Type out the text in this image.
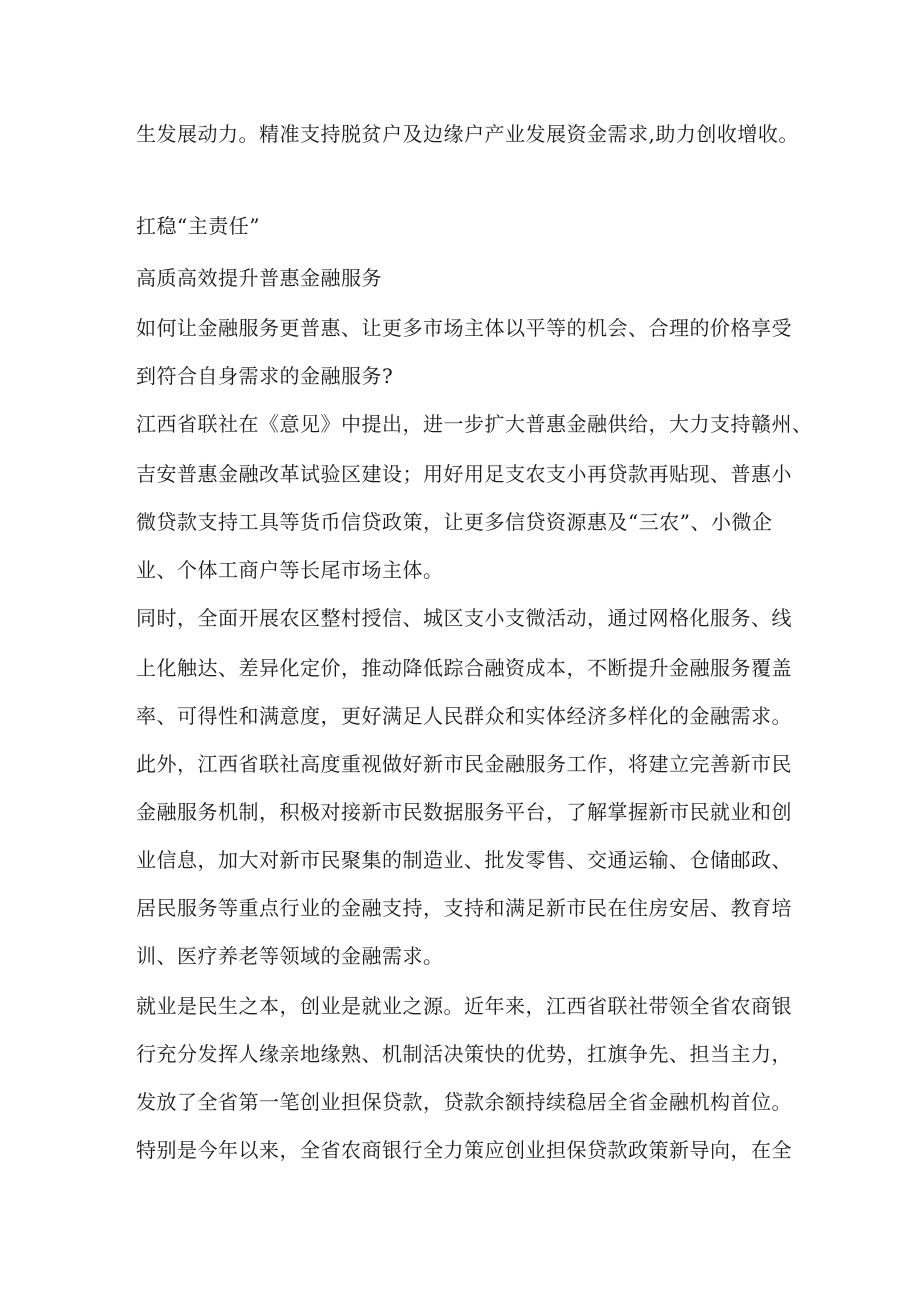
生发展动力。精准支持脱贫户及边缘户产业发展资金需求,助力创收增收。
扛稳“主责任”
高质高效提升普惠金融服务
如何让金融服务更普惠、让更多市场主体以平等的机会、合理的价格享受
到符合自身需求的金融服务?
江西省联社在《意见》中提出，进一步扩大普惠金融供给，大力支持赣州、
吉安普惠金融改革试验区建设；用好用足支农支小再贷款再贴现、普惠小
微贷款支持工具等货币信贷政策，让更多信贷资源惠及“三农”、小微企
业、个体工商户等长尾市场主体。
同时，全面开展农区整村授信、城区支小支微活动，通过网格化服务、线
上化触达、差异化定价，推动降低踪合融资成本，不断提升金融服务覆盖
率、可得性和满意度，更好满足人民群众和实体经济多样化的金融需求。
此外，江西省联社高度重视做好新市民金融服务工作，将建立完善新市民
金融服务机制，积极对接新市民数据服务平台，了解掌握新市民就业和创
业信息，加大对新市民聚集的制造业、批发零售、交通运输、仓储邮政、
居民服务等重点行业的金融支持，支持和满足新市民在住房安居、教育培
训、医疗养老等领域的金融需求。
就业是民生之本，创业是就业之源。近年来，江西省联社带领全省农商银
行充分发挥人缘亲地缘熟、机制活决策快的优势，扛旗争先、担当主力，
发放了全省第一笔创业担保贷款，贷款余额持续稳居全省金融机构首位。
特别是今年以来，全省农商银行全力策应创业担保贷款政策新导向，在全
